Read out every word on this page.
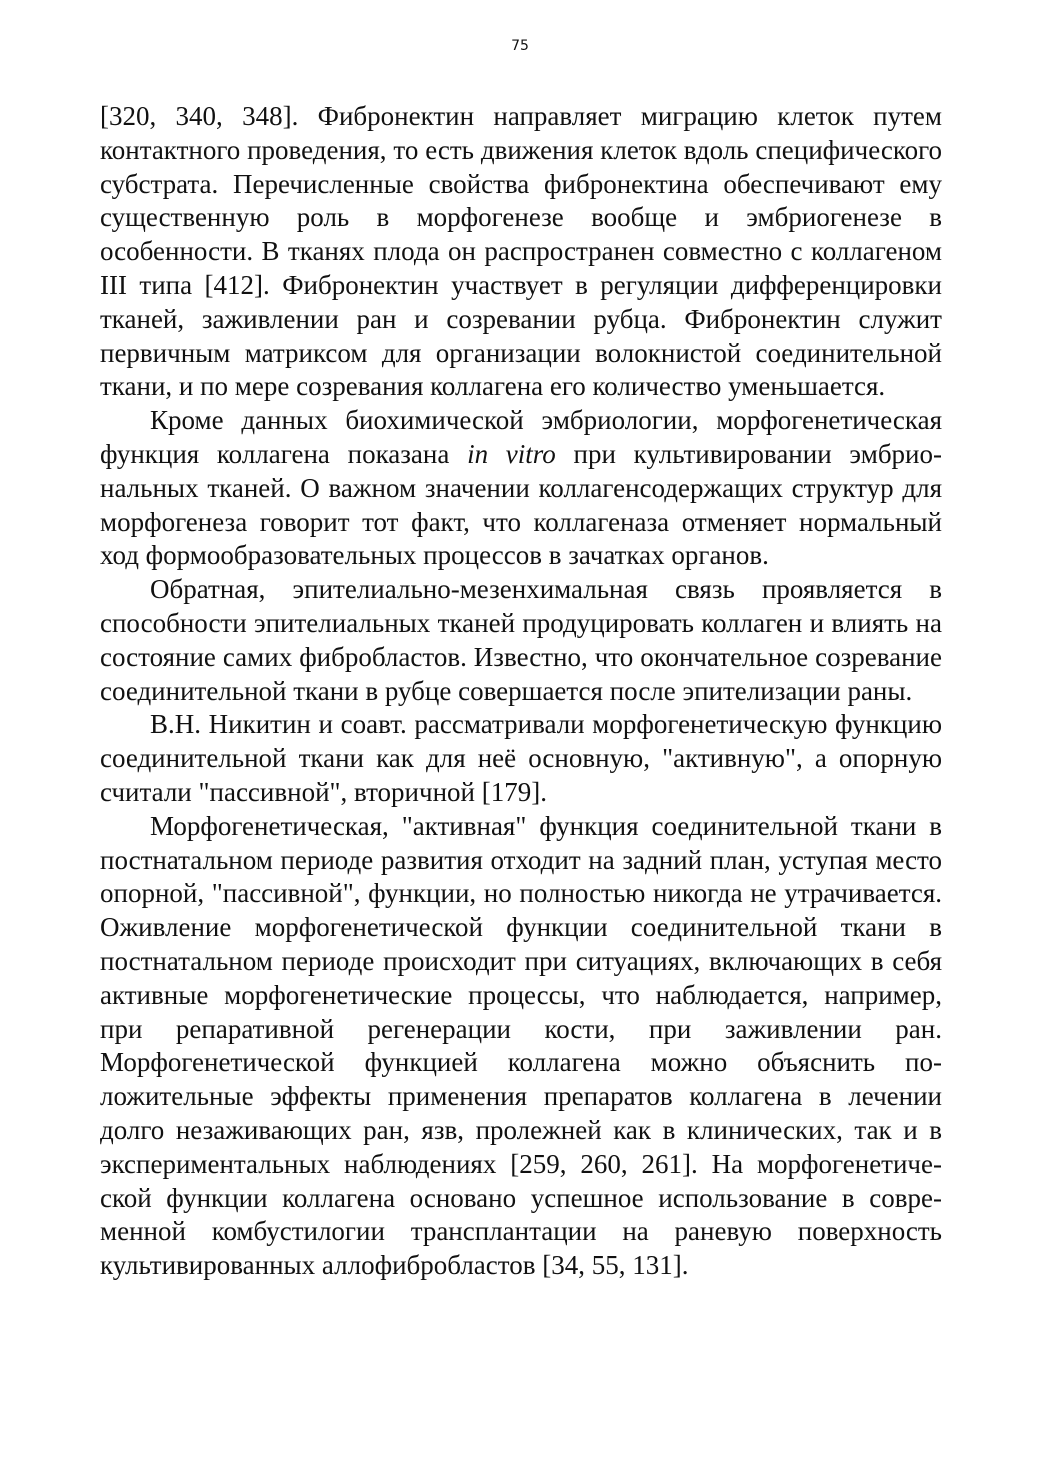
75

[320, 340, 348]. Фибронектин направляет миграцию клеток путем контактного проведения, то есть движения клеток вдоль специфического субстрата. Перечисленные свойства фибронектина обеспечивают ему существенную роль в морфогенезе вообще и эмбриогенезе в особенности. В тканях плода он распространен совместно с коллагеном III типа [412]. Фибронектин участвует в регуляции дифференцировки тканей, заживлении ран и созревании рубца. Фибронектин служит первичным матриксом для организации волокнистой соединительной ткани, и по мере созревания коллагена его количество уменьшается.

Кроме данных биохимической эмбриологии, морфогенетическая функция коллагена показана in vitro при культивировании эмбриональных тканей. О важном значении коллагенсодержащих структур для морфогенеза говорит тот факт, что коллагеназа отменяет нормальный ход формообразовательных процессов в зачатках органов.

Обратная, эпителиально-мезенхимальная связь проявляется в способности эпителиальных тканей продуцировать коллаген и влиять на состояние самих фибробластов. Известно, что окончательное созревание соединительной ткани в рубце совершается после эпителизации раны.

В.Н. Никитин и соавт. рассматривали морфогенетическую функцию соединительной ткани как для неё основную, "активную", а опорную считали "пассивной", вторичной [179].

Морфогенетическая, "активная" функция соединительной ткани в постнатальном периоде развития отходит на задний план, уступая место опорной, "пассивной", функции, но полностью никогда не утрачивается. Оживление морфогенетической функции соединительной ткани в постнатальном периоде происходит при ситуациях, включающих в себя активные морфогенетические процессы, что наблюдается, например, при репаративной регенерации кости, при заживлении ран. Морфогенетической функцией коллагена можно объяснить положительные эффекты применения препаратов коллагена в лечении долго незаживающих ран, язв, пролежней как в клинических, так и в экспериментальных наблюдениях [259, 260, 261]. На морфогенетической функции коллагена основано успешное использование в современной комбустилогии трансплантации на раневую поверхность культивированных аллофибробластов [34, 55, 131].
